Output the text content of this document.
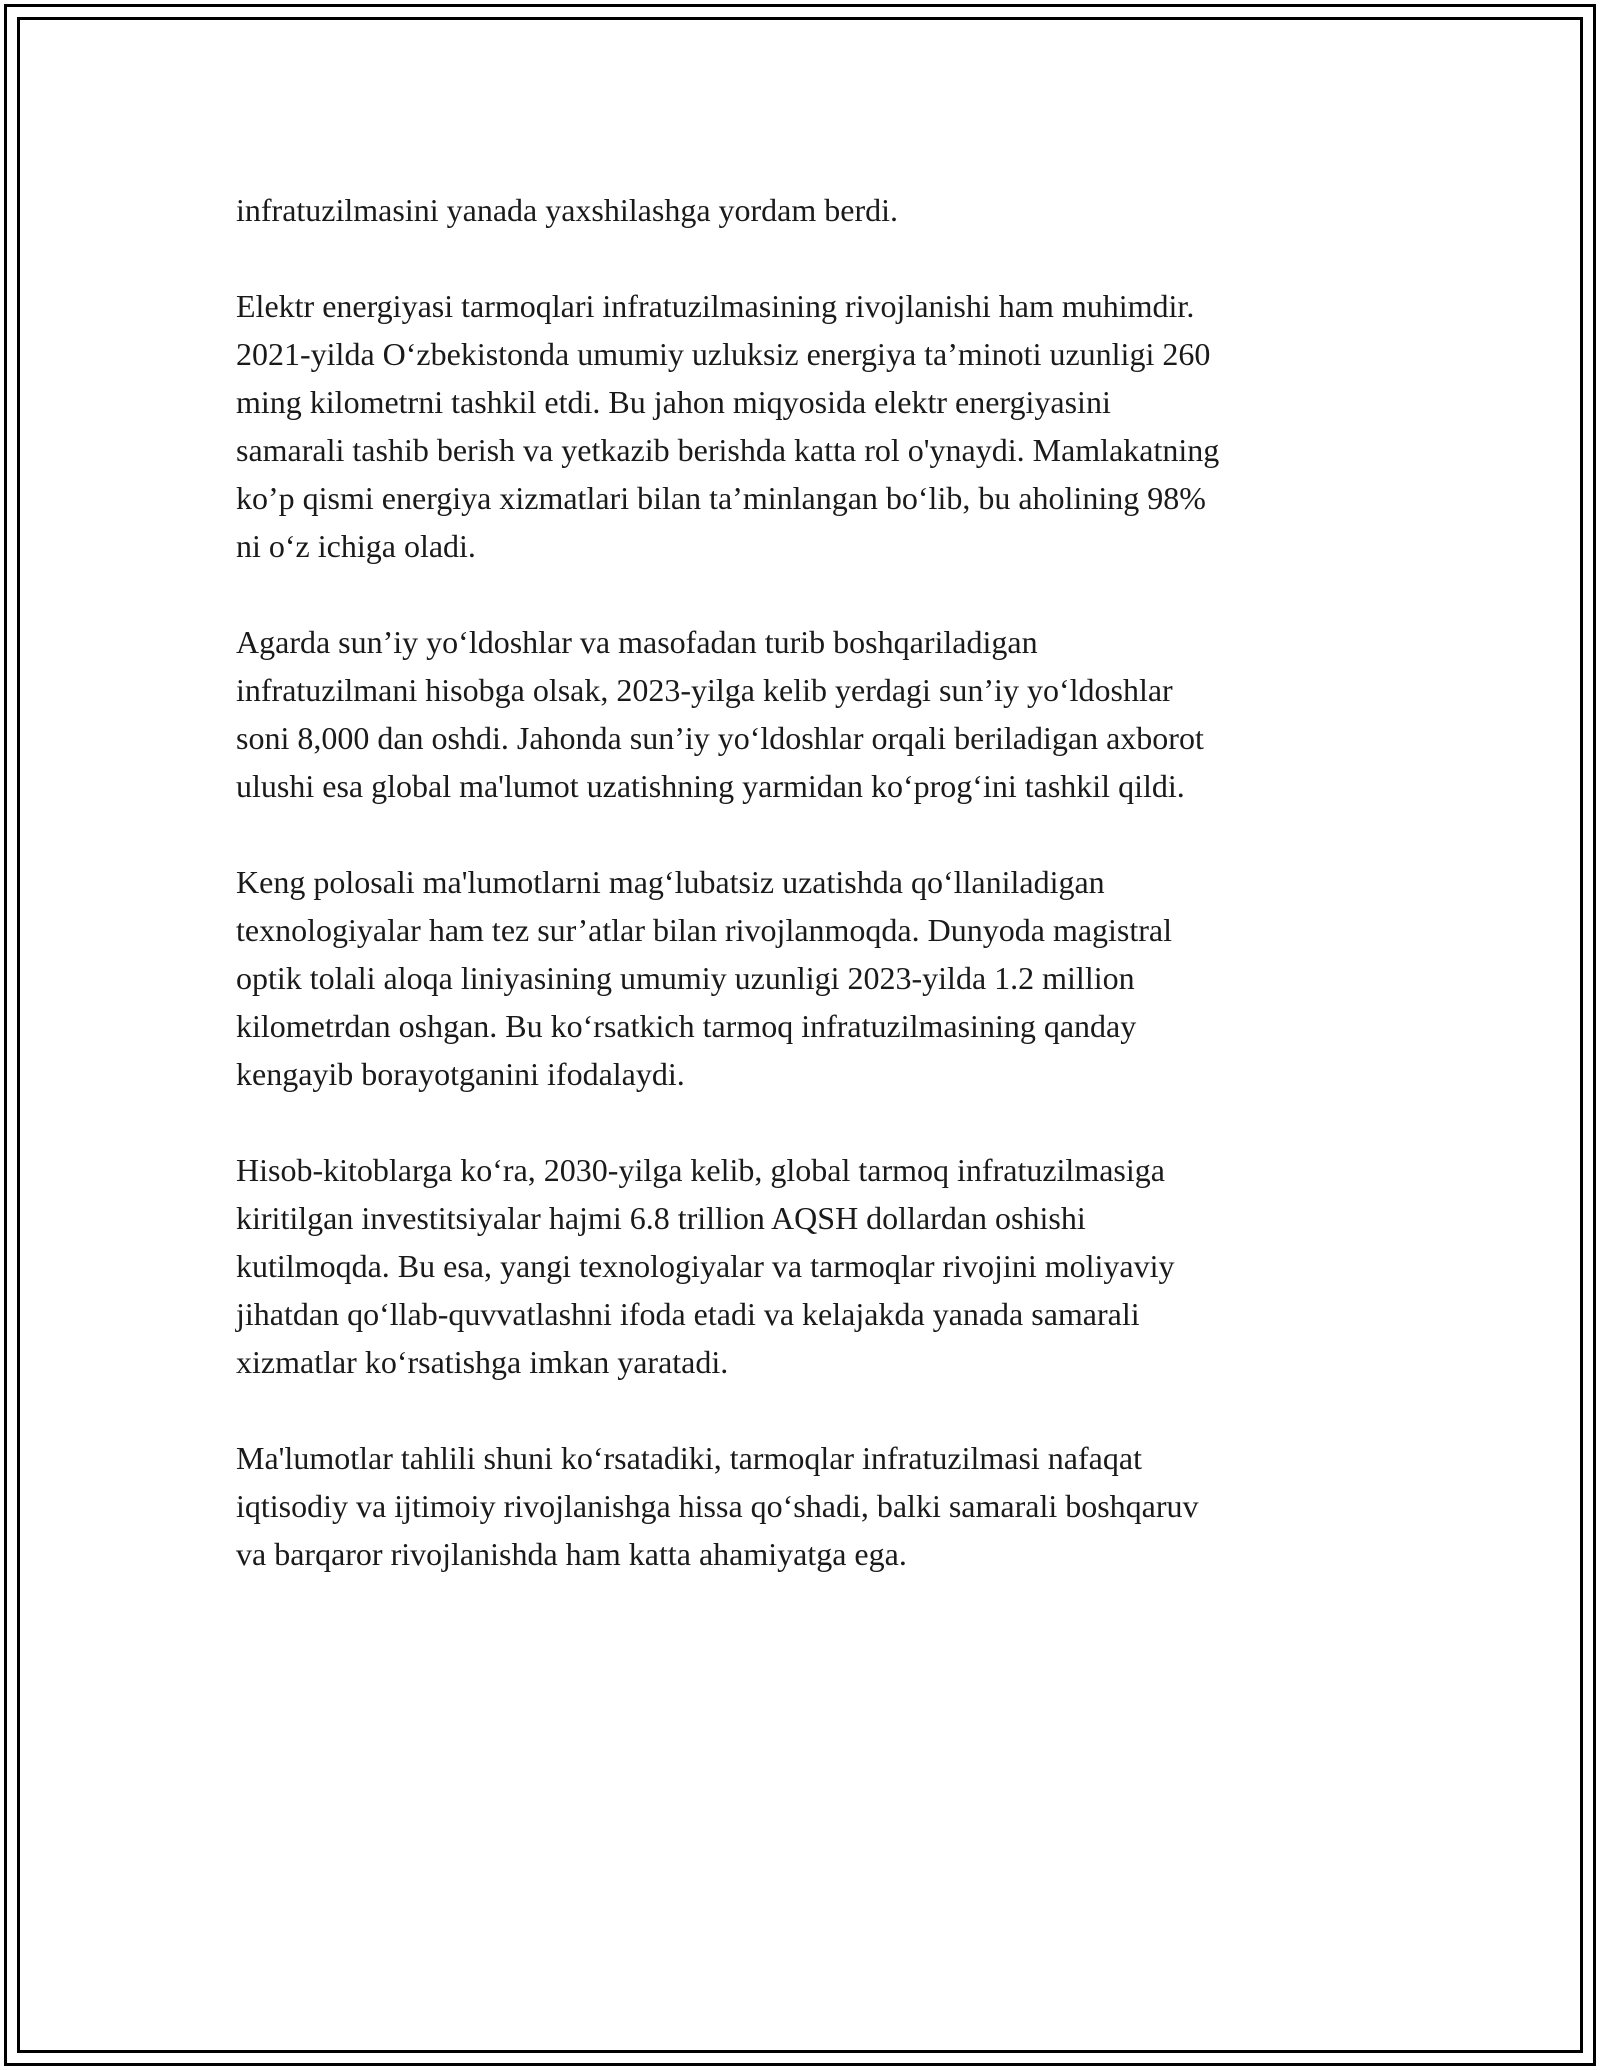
infratuzilmasini yanada yaxshilashga yordam berdi.

Elektr energiyasi tarmoqlari infratuzilmasining rivojlanishi ham muhimdir.
2021-yilda O‘zbekistonda umumiy uzluksiz energiya ta’minoti uzunligi 260
ming kilometrni tashkil etdi. Bu jahon miqyosida elektr energiyasini
samarali tashib berish va yetkazib berishda katta rol o'ynaydi. Mamlakatning
ko’p qismi energiya xizmatlari bilan ta’minlangan bo‘lib, bu aholining 98%
ni o‘z ichiga oladi.

Agarda sun’iy yo‘ldoshlar va masofadan turib boshqariladigan
infratuzilmani hisobga olsak, 2023-yilga kelib yerdagi sun’iy yo‘ldoshlar
soni 8,000 dan oshdi. Jahonda sun’iy yo‘ldoshlar orqali beriladigan axborot
ulushi esa global ma'lumot uzatishning yarmidan ko‘prog‘ini tashkil qildi.

Keng polosali ma'lumotlarni mag‘lubatsiz uzatishda qo‘llaniladigan
texnologiyalar ham tez sur’atlar bilan rivojlanmoqda. Dunyoda magistral
optik tolali aloqa liniyasining umumiy uzunligi 2023-yilda 1.2 million
kilometrdan oshgan. Bu ko‘rsatkich tarmoq infratuzilmasining qanday
kengayib borayotganini ifodalaydi.

Hisob-kitoblarga ko‘ra, 2030-yilga kelib, global tarmoq infratuzilmasiga
kiritilgan investitsiyalar hajmi 6.8 trillion AQSH dollardan oshishi
kutilmoqda. Bu esa, yangi texnologiyalar va tarmoqlar rivojini moliyaviy
jihatdan qo‘llab-quvvatlashni ifoda etadi va kelajakda yanada samarali
xizmatlar ko‘rsatishga imkan yaratadi.

Ma'lumotlar tahlili shuni ko‘rsatadiki, tarmoqlar infratuzilmasi nafaqat
iqtisodiy va ijtimoiy rivojlanishga hissa qo‘shadi, balki samarali boshqaruv
va barqaror rivojlanishda ham katta ahamiyatga ega.
